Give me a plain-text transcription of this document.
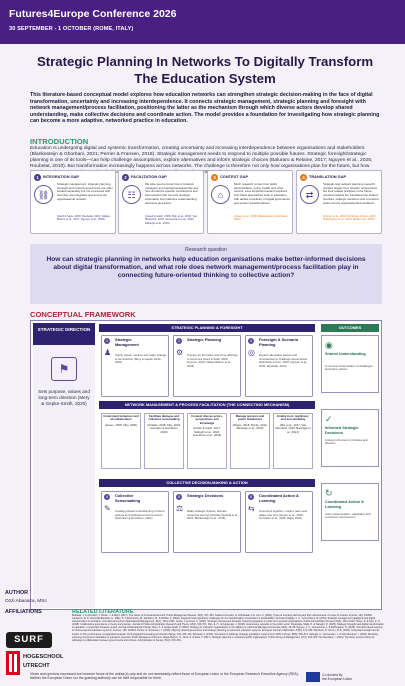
Futures4Europe Conference 2026
30 SEPTEMBER - 1 OCTOBER (ROME, ITALY)
Strategic Planning In Networks To Digitally Transform The Education System
This literature-based conceptual model explores how education networks can strengthen strategic decision-making in the face of digital transformation, uncertainty and increasing interdependence. It connects strategic management, strategic planning and foresight with network management/process facilitation, positioning the latter as the mechanism through which diverse actors develop shared understanding, make collective decisions and coordinate action. The model provides a foundation for investigating how strategic planning can become a more adaptive, networked practice in education.
INTRODUCTION
Education is undergoing digital and systemic transformation, creating uncertainty and increasing interdependence between organisations and stakeholders (Blankesteijn & Ghorbani, 2021; Perrier & Fransen, 2018). Strategic management needs to respond to multiple possible futures. Strategic foresight/strategic planning is one of its tools—can help challenge assumptions, explore alternatives and inform strategic choices (Baluraro & Relaine, 2017; Nguyen et al., 2025; Roubelat, 2010). But transformation increasingly happens across networks. The challenge is therefore not only how organisations plan for the future, but how
1	INTEGRATION GAP
⛓
Strategic management, strategic planning, foresight and network governance are often studied separately but not connected with how they are integrated and across the organisational network.
(Hurd & Sack, 2009; Roubelat, 2010; Vallejo-Bianco et al., 2017; Nguyen et al., 2025)
2	FACILITATION GAP
☷
We also need to know how of network managers and operational leadership and how should the specific mechanisms and interventions that can turn strategic exploration into collective understanding, decisions and action.
(Ansell & Gash, 2008; Klijn et al., 2018; Van Meerkerk, 2019; Vennemann et al., 2023; Sabeghi et al., 2025)
3	CONTEXT GAP
⌂
Much research comes from public administration, policy, health and other sectors. Less empirical research explores how these approaches work in education, with added complexity of digital governance and system transformations.
(Hosen et al., 2008; Blankesteijn & Ghorbani, 2021)
4	TRANSLATION GAP
⇄
Strategic and network planning research remains largely from broader perspectives, but their related practices in the future-oriented insights are translated into shared priorities, strategic decisions and concerted action across organisational boundaries.
(Perrier et al., 2018; Rohrbeck & Kum, 2020; Rofhwagner et al., 2024; Malla et al., 2025)
Research question
How can strategic planning in networks help education organisations make better-informed decisions about digital transformation, and what role does network management/process facilitation play in connecting future-oriented thinking to collective action?
CONCEPTUAL FRAMEWORK
STRATEGIC DIRECTION
⚑
Sets purpose, values and long-term direction (Mery & Gepke-Smith, 2020)
STRATEGIC PLANNING & FORESIGHT	OUTCOMES
1
♟
Strategic Management
Clarify values, mission and major change to set direction (Mery & Gepke-Smith, 2020)
2
⚙
Strategic Planning
Prepare for the better and more offerings to outcomes (Hurd & Sack, 2009; Gummo, 2014; Vallejo-Bianco et al., 2016)
3
◎
Foresight & Scenario Planning
Explore alternative futures and uncertainties to challenge assumptions (Rohrbeck & Kum, 2019; Nguyen et al., 2025; Roubelat, 2010)
NETWORK MANAGEMENT & PROCESS FACILITATION (THE CONNECTING MECHANISM)
Understand behaviour and all stakeholders
(Hosen, 2008; Klijn, 2020)
Facilitate dialogue and collective sensemaking
(Ghalebi, 2018; Klijn, 2018; Gonzalez & Henriksen, 2019)
Connect diverse actors, perspectives and knowledge
(Fisher & Gash, 2017; Sabeghi et al., 2024; Gumstrow et al., 2018)
Manage tensions and power imbalances
(Rutjes, 2018; Rucke, 2014; Bareiage et al., 2019)
Enable trust, legitimacy and accountability
(Mie et al., 2017; Van Meerkerk, 2019; Bareiage et al., 2024)
COLLECTIVE DECISION-MAKING & ACTION
4
✎
Collective Sensemaking
Creating shared understanding of future options and implications across actors (Gonzalez & Henriksen, 2021)
5
⚖
Strategic Decisions
Make strategic choices, allocate resources and set priorities (Sehbal et al., 2022; Blankesteijn et al., 2018)
6
⇆
Coordinated Action & Learning
Implement together, monitor, learn and adapt over time (Hosen et al., 2023; Gonzalez et al., 2025; Rajhi, 2021)
◉
Shared Understanding
A common interpretation of challenges and future options
✓
Informed Strategic Decisions
Coherent choices for priorities and direction
↻
Coordinated Action & Learning
Joint implementation, adaptation and continuous improvement
RELATED LITERATURE
Buitelaar, J. & Ghorbani, J. Rosler, J. & Maj P (2017). The nature of orchestrational work. Public Management Review, 19(3), 347–363. Calderon-Ferreira, G. & Buitelaar, F.G. & Le, F. (2020). Types of scenario planning and their effectiveness: A review of reviews. Futures, 130, 102562. Cantarino, M. P., Ronquillo-Bautista, G., Miller, S., Fitzsimmons, M., Ebrahimi, M., & Ruffalo, A. (2024). Regional rural opportunity challenges for the transformation of education to sustainability. Gonzalez-Fidalgo, L. C., & Henriksen, B. (2019). Strategic management paradigms and digital transformation in education. International Journal of Educational Management, 33(7), 1541–1561. Gupta, J. & Ansell, C. (2021). Strategic planning and foresight: fostering integration in public and nonprofit organisations. Public Administration Review, 81(5), 1001–1014. Hosen, E. & Klijn, E. H. (2008). Collaborative governance in theory and practice. Journal of Public Administration Research and Theory, 18(4), 543–571. Klijn, E. H., & Koppenjan, J. (2016). Governance networks in the public sector. Routledge. Malla, R. & Sabeghi, R. (2025). Strategic foresight and digital transformation in education: a systematic literature review. Journal of Educational Change. Mery, K. & Gepke-Smith, P. (2020). Strategy for education organizations in the digital era. California Management Review, 62(4), 45–68. Nguyen, T. A., Vennemann, L. & Rofhwagner, H. (2025). Scenario-based learning in futures-oriented education systems. Futures, 165, 103420. Perrier, E. & Fransen, J. (2018). Aligning network governance and strategic planning in multi-level education systems. European Journal of Education, 53(2), 174–189. Rohrbeck, R. & Kum, M. E. (2020). Corporate foresight and its impact on firm performance: A longitudinal analysis. Technological Forecasting and Social Change, 129, 105–116. Roubelat, F. (2010). Scenarios to challenge strategic paradigms: lessons from 2025. Futures, 38(5), 519–527. Sabeghi, A., Vennemann, L. & Van Meerkerk, I. (2024). Boundary spanning and process facilitation in education networks. Public Management Review. Vallejo-Bianco, G., Hurd, S. & Sack, T. (2017). Strategic planning in networked public organisations. Public Money & Management, 37(3), 199–206. Van Meerkerk, I. (2019). Top-down versus bottom-up pathways to collaboration between governments and citizens. Administration & Society, 51(4), 615–651.
AUTHOR
Ozzi Abaoaza, MSc
AFFILIATIONS
SURF
HOGESCHOOL
UTRECHT
Views and opinions expressed are however those of the author(s) only and do not necessarily reflect those of European Union or the European Research Executive Agency (REA). Neither the European Union nor the granting authority can be held responsible for them.
Co-funded by
the European Union
